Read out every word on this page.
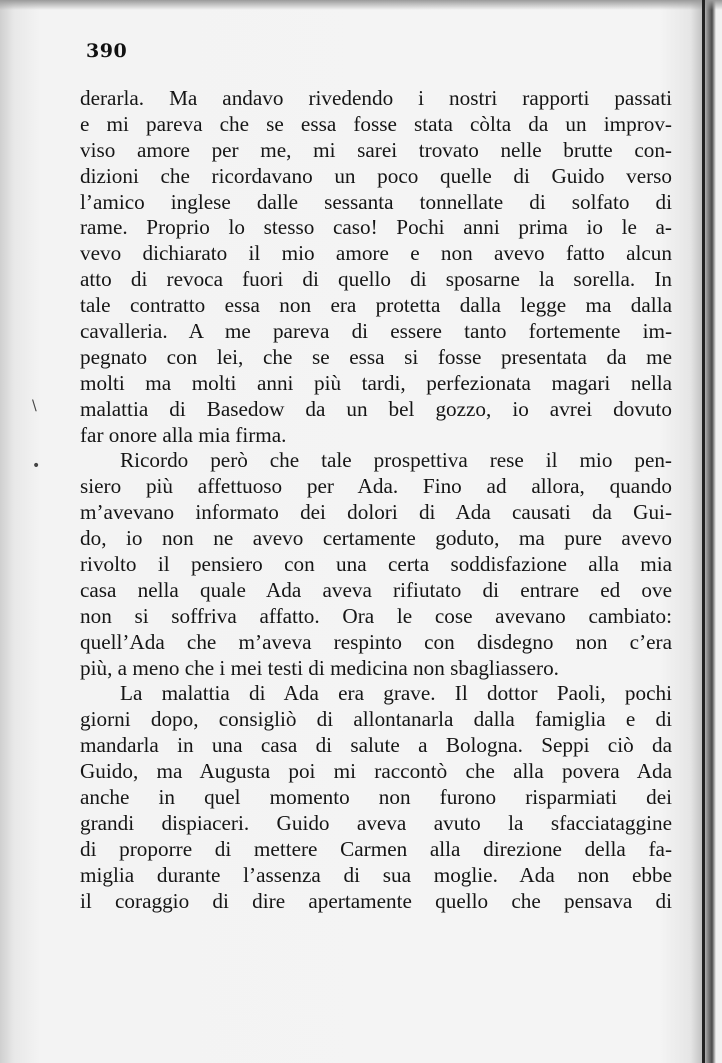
390
\
•
derarla. Ma andavo rivedendo i nostri rapporti passati
e mi pareva che se essa fosse stata còlta da un improv-
viso amore per me, mi sarei trovato nelle brutte con-
dizioni che ricordavano un poco quelle di Guido verso
l’amico inglese dalle sessanta tonnellate di solfato di
rame. Proprio lo stesso caso! Pochi anni prima io le a-
vevo dichiarato il mio amore e non avevo fatto alcun
atto di revoca fuori di quello di sposarne la sorella. In
tale contratto essa non era protetta dalla legge ma dalla
cavalleria. A me pareva di essere tanto fortemente im-
pegnato con lei, che se essa si fosse presentata da me
molti ma molti anni più tardi, perfezionata magari nella
malattia di Basedow da un bel gozzo, io avrei dovuto
far onore alla mia firma.
Ricordo però che tale prospettiva rese il mio pen-
siero più affettuoso per Ada. Fino ad allora, quando
m’avevano informato dei dolori di Ada causati da Gui-
do, io non ne avevo certamente goduto, ma pure avevo
rivolto il pensiero con una certa soddisfazione alla mia
casa nella quale Ada aveva rifiutato di entrare ed ove
non si soffriva affatto. Ora le cose avevano cambiato:
quell’Ada che m’aveva respinto con disdegno non c’era
più, a meno che i mei testi di medicina non sbagliassero.
La malattia di Ada era grave. Il dottor Paoli, pochi
giorni dopo, consigliò di allontanarla dalla famiglia e di
mandarla in una casa di salute a Bologna. Seppi ciò da
Guido, ma Augusta poi mi raccontò che alla povera Ada
anche in quel momento non furono risparmiati dei
grandi dispiaceri. Guido aveva avuto la sfacciataggine
di proporre di mettere Carmen alla direzione della fa-
miglia durante l’assenza di sua moglie. Ada non ebbe
il coraggio di dire apertamente quello che pensava di
